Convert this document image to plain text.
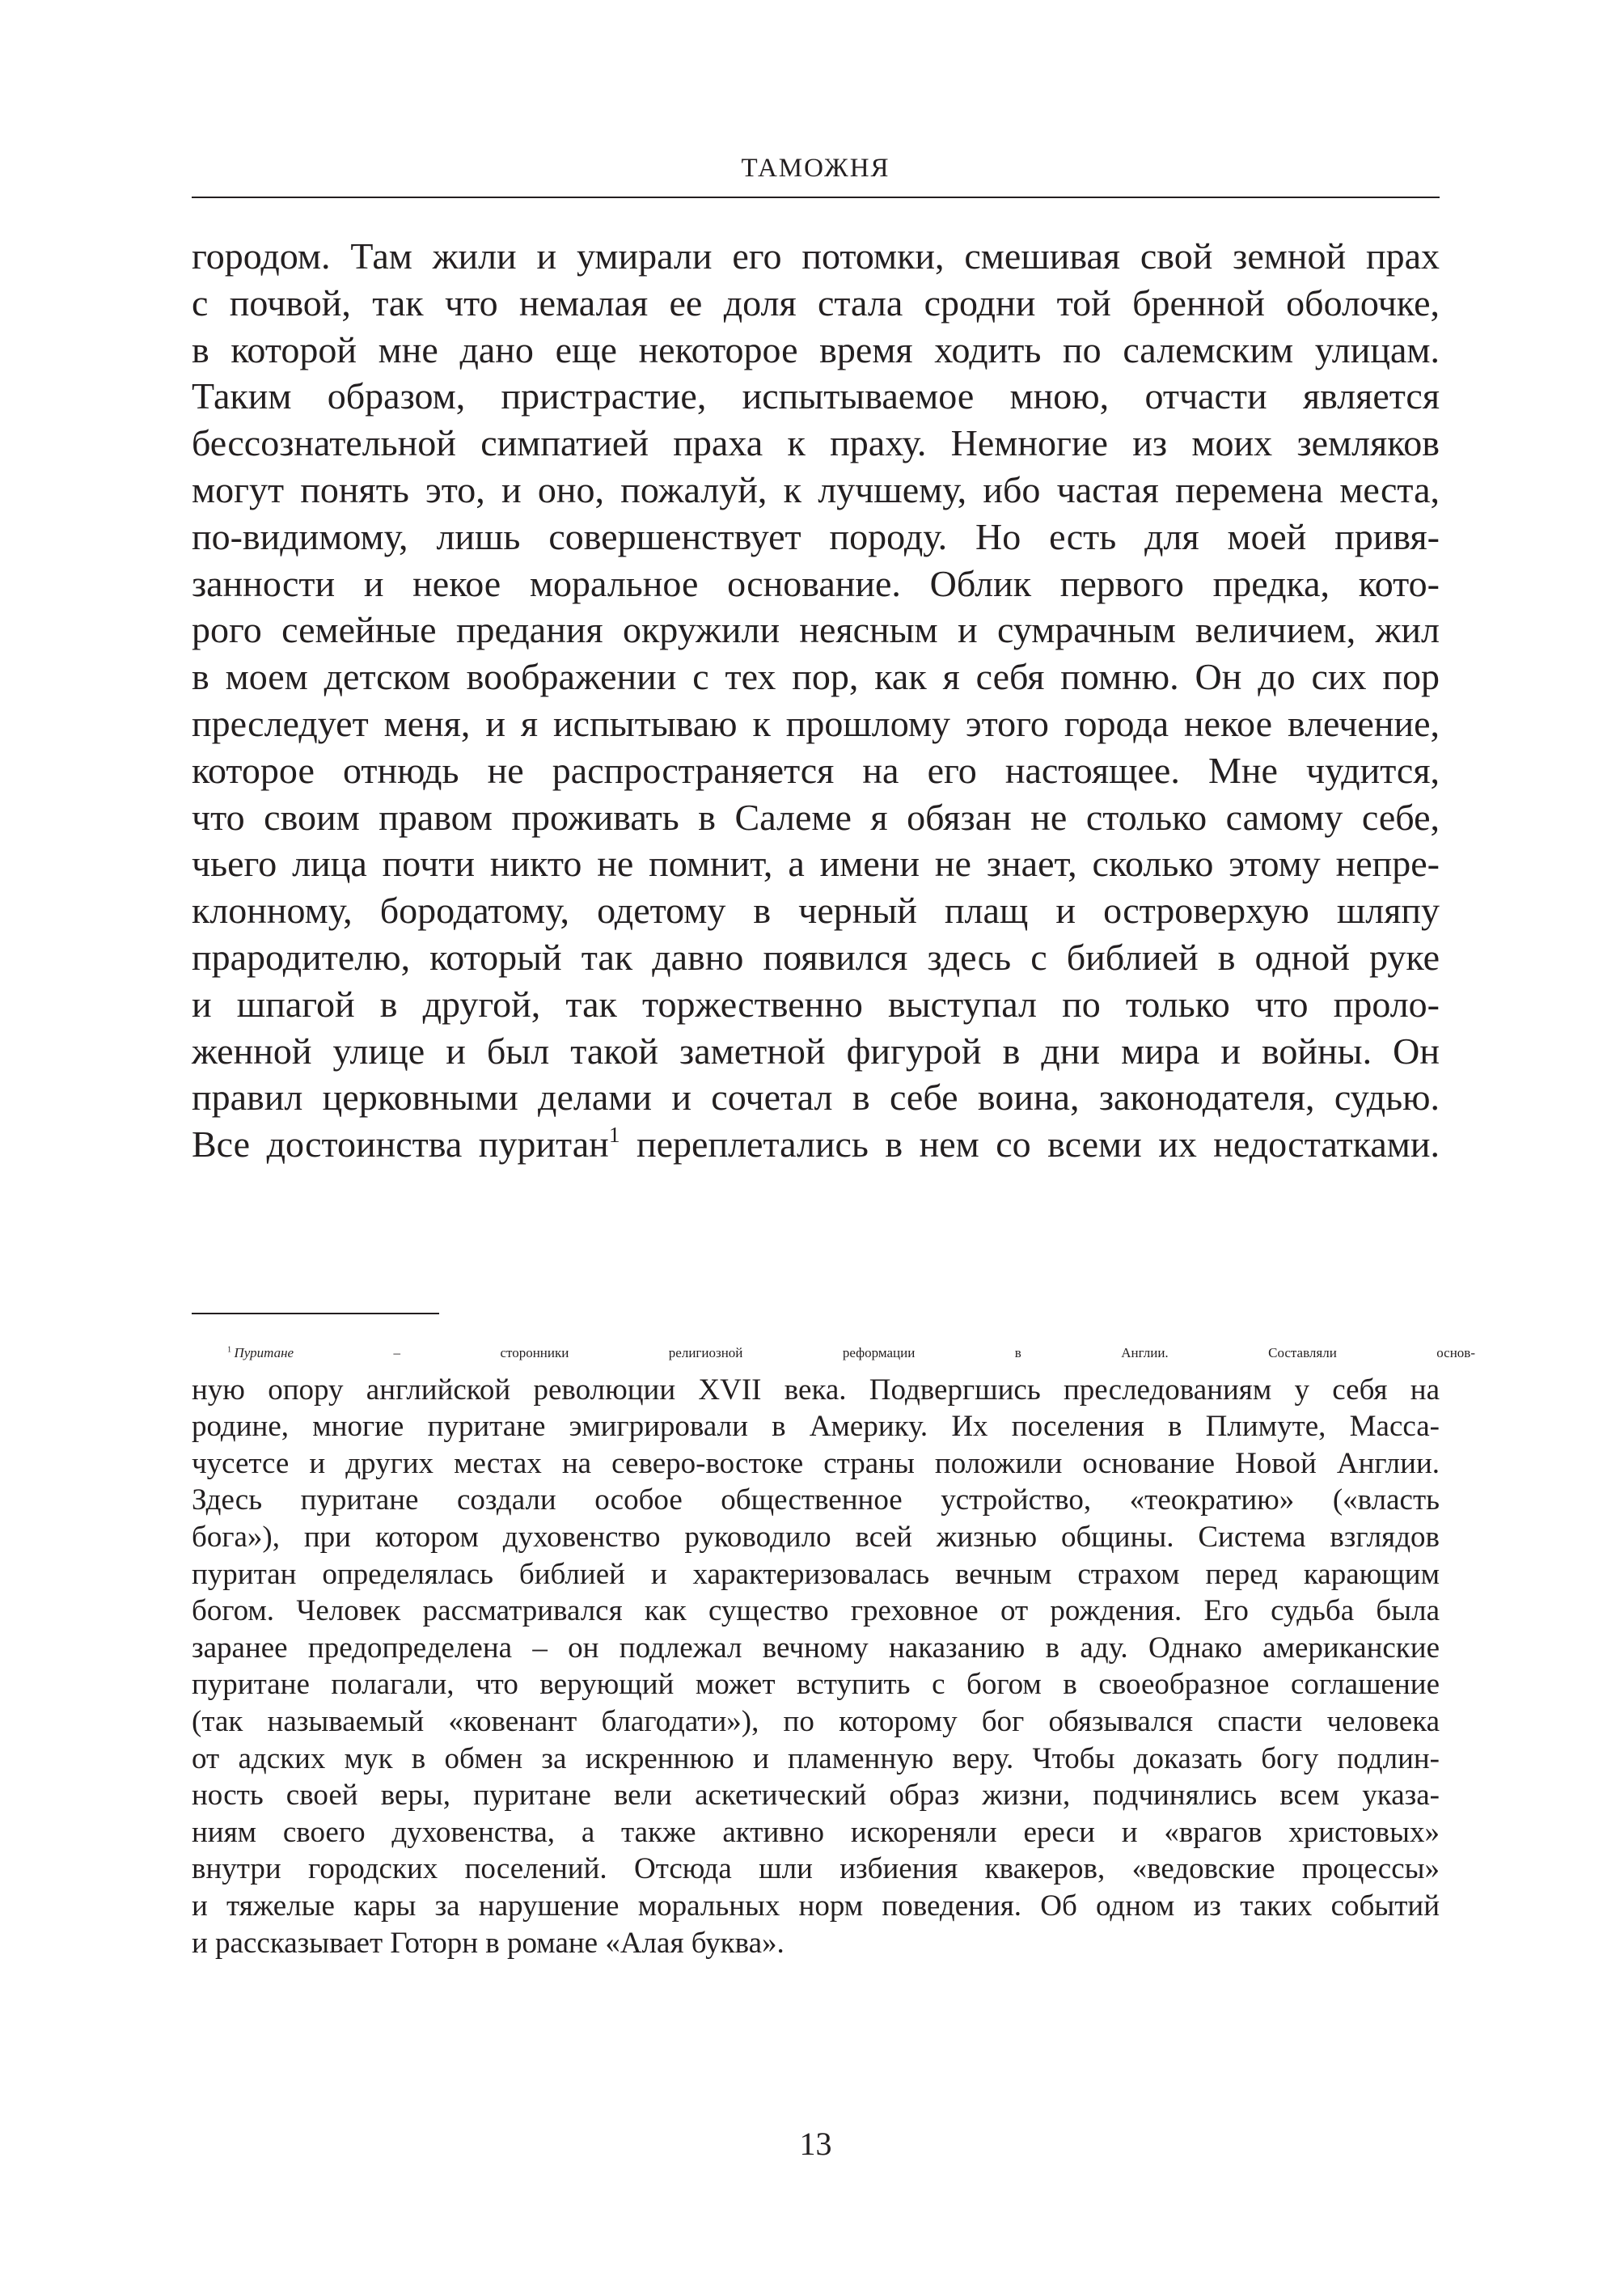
ТАМОЖНЯ
городом. Там жили и умирали его потомки, смешивая свой земной прах
с почвой, так что немалая ее доля стала сродни той бренной оболочке,
в которой мне дано еще некоторое время ходить по салемским улицам.
Таким образом, пристрастие, испытываемое мною, отчасти является
бессознательной симпатией праха к праху. Немногие из моих земляков
могут понять это, и оно, пожалуй, к лучшему, ибо частая перемена места,
по-видимому, лишь совершенствует породу. Но есть для моей привя-
занности и некое моральное основание. Облик первого предка, кото-
рого семейные предания окружили неясным и сумрачным величием, жил
в моем детском воображении с тех пор, как я себя помню. Он до сих пор
преследует меня, и я испытываю к прошлому этого города некое влечение,
которое отнюдь не распространяется на его настоящее. Мне чудится,
что своим правом проживать в Салеме я обязан не столько самому себе,
чьего лица почти никто не помнит, а имени не знает, сколько этому непре-
клонному, бородатому, одетому в черный плащ и островерхую шляпу
прародителю, который так давно появился здесь с библией в одной руке
и шпагой в другой, так торжественно выступал по только что проло-
женной улице и был такой заметной фигурой в дни мира и войны. Он
правил церковными делами и сочетал в себе воина, законодателя, судью.
Все достоинства пуритан$^1$ переплетались в нем со всеми их недостатками.
$^1$  Пуритане – сторонники религиозной реформации в Англии. Составляли основ-
ную опору английской революции XVII века. Подвергшись преследованиям у себя на
родине, многие пуритане эмигрировали в Америку. Их поселения в Плимуте, Масса-
чусетсе и других местах на северо-востоке страны положили основание Новой Англии.
Здесь пуритане создали особое общественное устройство, «теократию» («власть
бога»), при котором духовенство руководило всей жизнью общины. Система взглядов
пуритан определялась библией и характеризовалась вечным страхом перед карающим
богом. Человек рассматривался как существо греховное от рождения. Его судьба была
заранее предопределена – он подлежал вечному наказанию в аду. Однако американские
пуритане полагали, что верующий может вступить с богом в своеобразное соглашение
(так называемый «ковенант благодати»), по которому бог обязывался спасти человека
от адских мук в обмен за искреннюю и пламенную веру. Чтобы доказать богу подлин-
ность своей веры, пуритане вели аскетический образ жизни, подчинялись всем указа-
ниям своего духовенства, а также активно искореняли ереси и «врагов христовых»
внутри городских поселений. Отсюда шли избиения квакеров, «ведовские процессы»
и тяжелые кары за нарушение моральных норм поведения. Об одном из таких событий
и рассказывает Готорн в романе «Алая буква».
13
